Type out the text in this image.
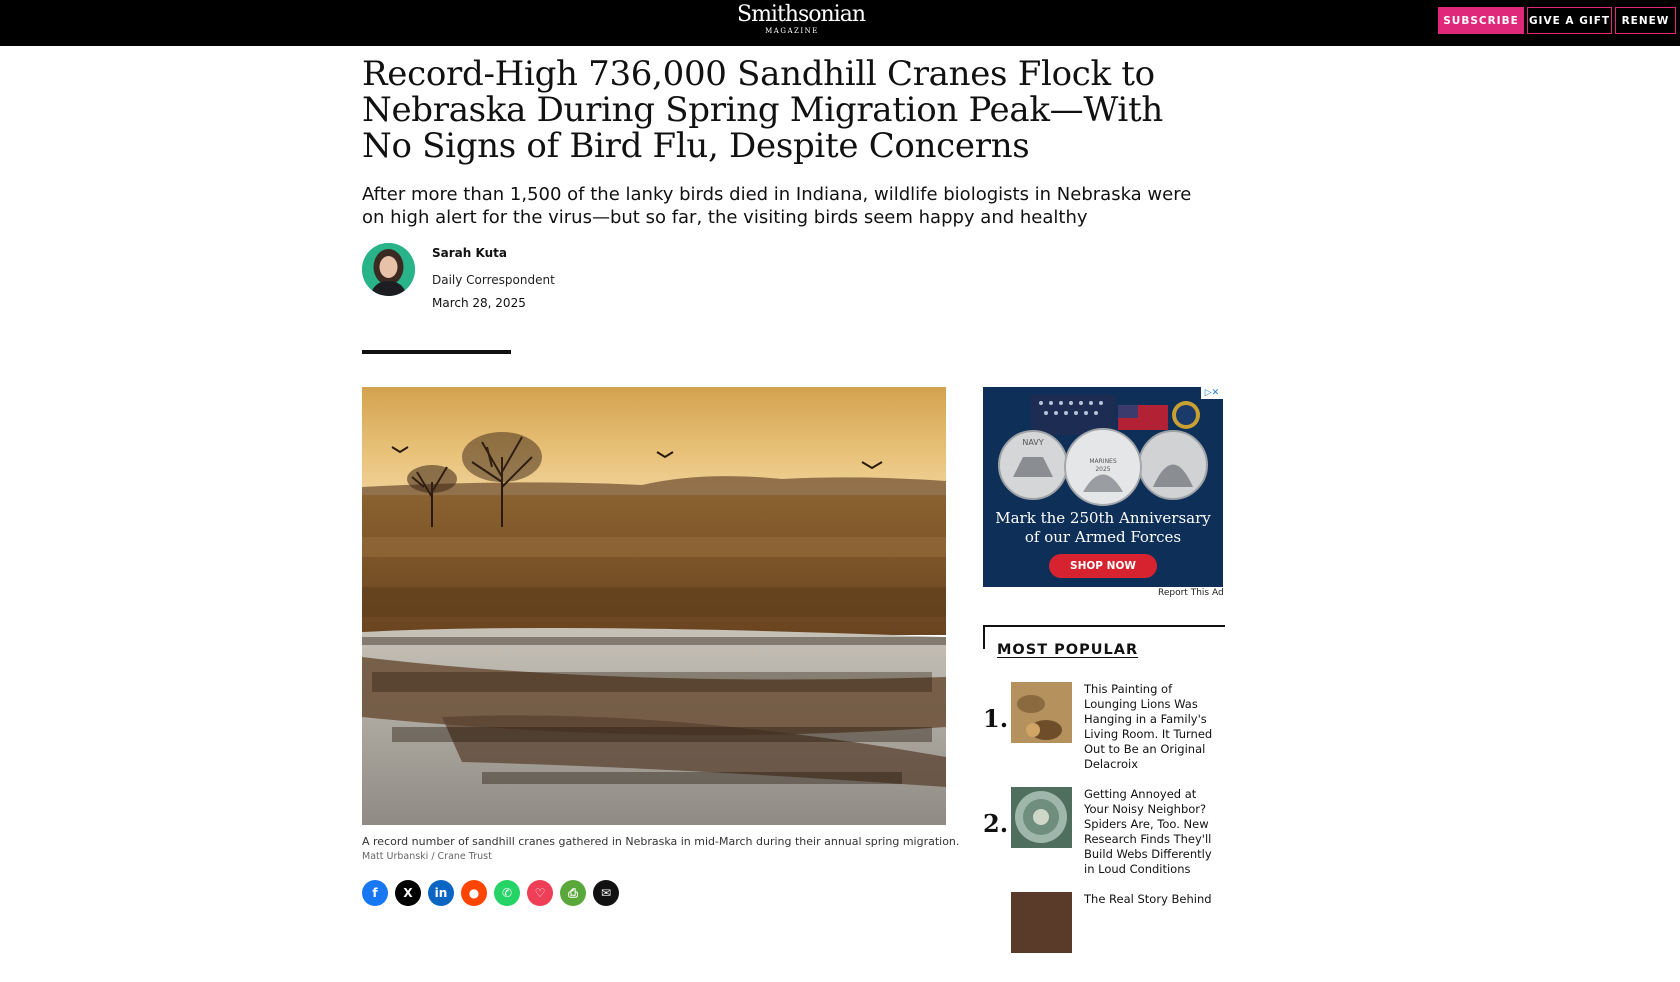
Smithsonian
MAGAZINE
SUBSCRIBE GIVE A GIFT	RENEW
Record-High 736,000 Sandhill Cranes Flock to Nebraska During Spring Migration Peak—With No Signs of Bird Flu, Despite Concerns

After more than 1,500 of the lanky birds died in Indiana, wildlife biologists in Nebraska were on high alert for the virus—but so far, the visiting birds seem happy and healthy

Sarah Kuta
Daily Correspondent
March 28, 2025
A record number of sandhill cranes gathered in Nebraska in mid-March during their annual spring migration.
Matt Urbanski / Crane Trust
f	X	in	●	✆	♡	⎙	✉
NAVY
MARINES
2025
Mark the 250th Anniversary
of our Armed Forces
SHOP NOW
▷✕
Report This Ad
MOST POPULAR
1.
This Painting of Lounging Lions Was Hanging in a Family's Living Room. It Turned Out to Be an Original Delacroix
2.
Getting Annoyed at Your Noisy Neighbor? Spiders Are, Too. New Research Finds They'll Build Webs Differently in Loud Conditions
The Real Story Behind
